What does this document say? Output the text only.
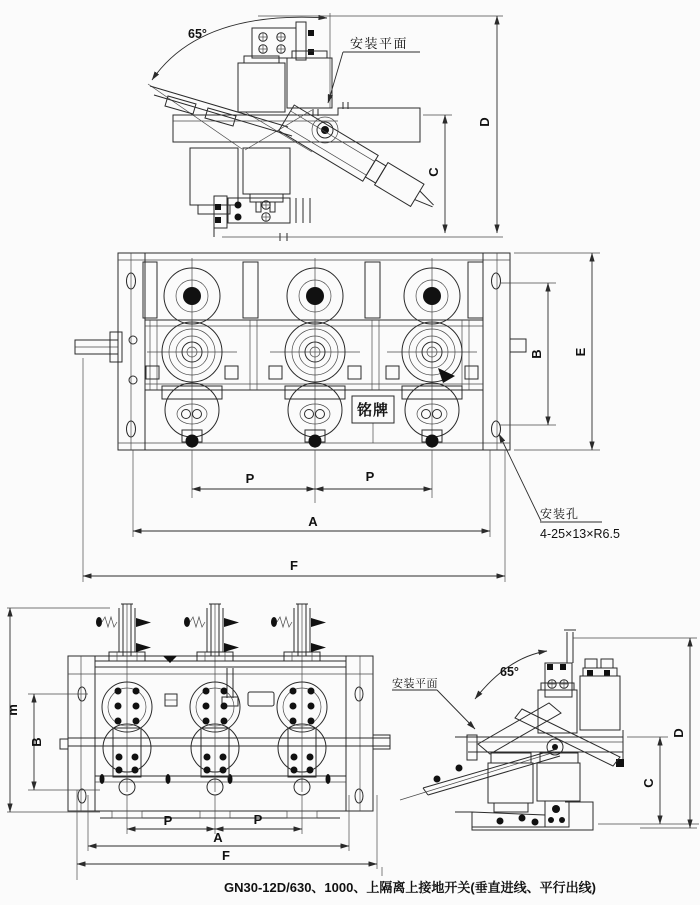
65°
安装平面
C
D
铭牌
B E
P	P
A
F
安装孔
4-25×13×R6.5
m
B
P	P
A
F
安装平面
65°
C
D
GN30-12D/630、1000、上隔离上接地开关(垂直进线、平行出线)
